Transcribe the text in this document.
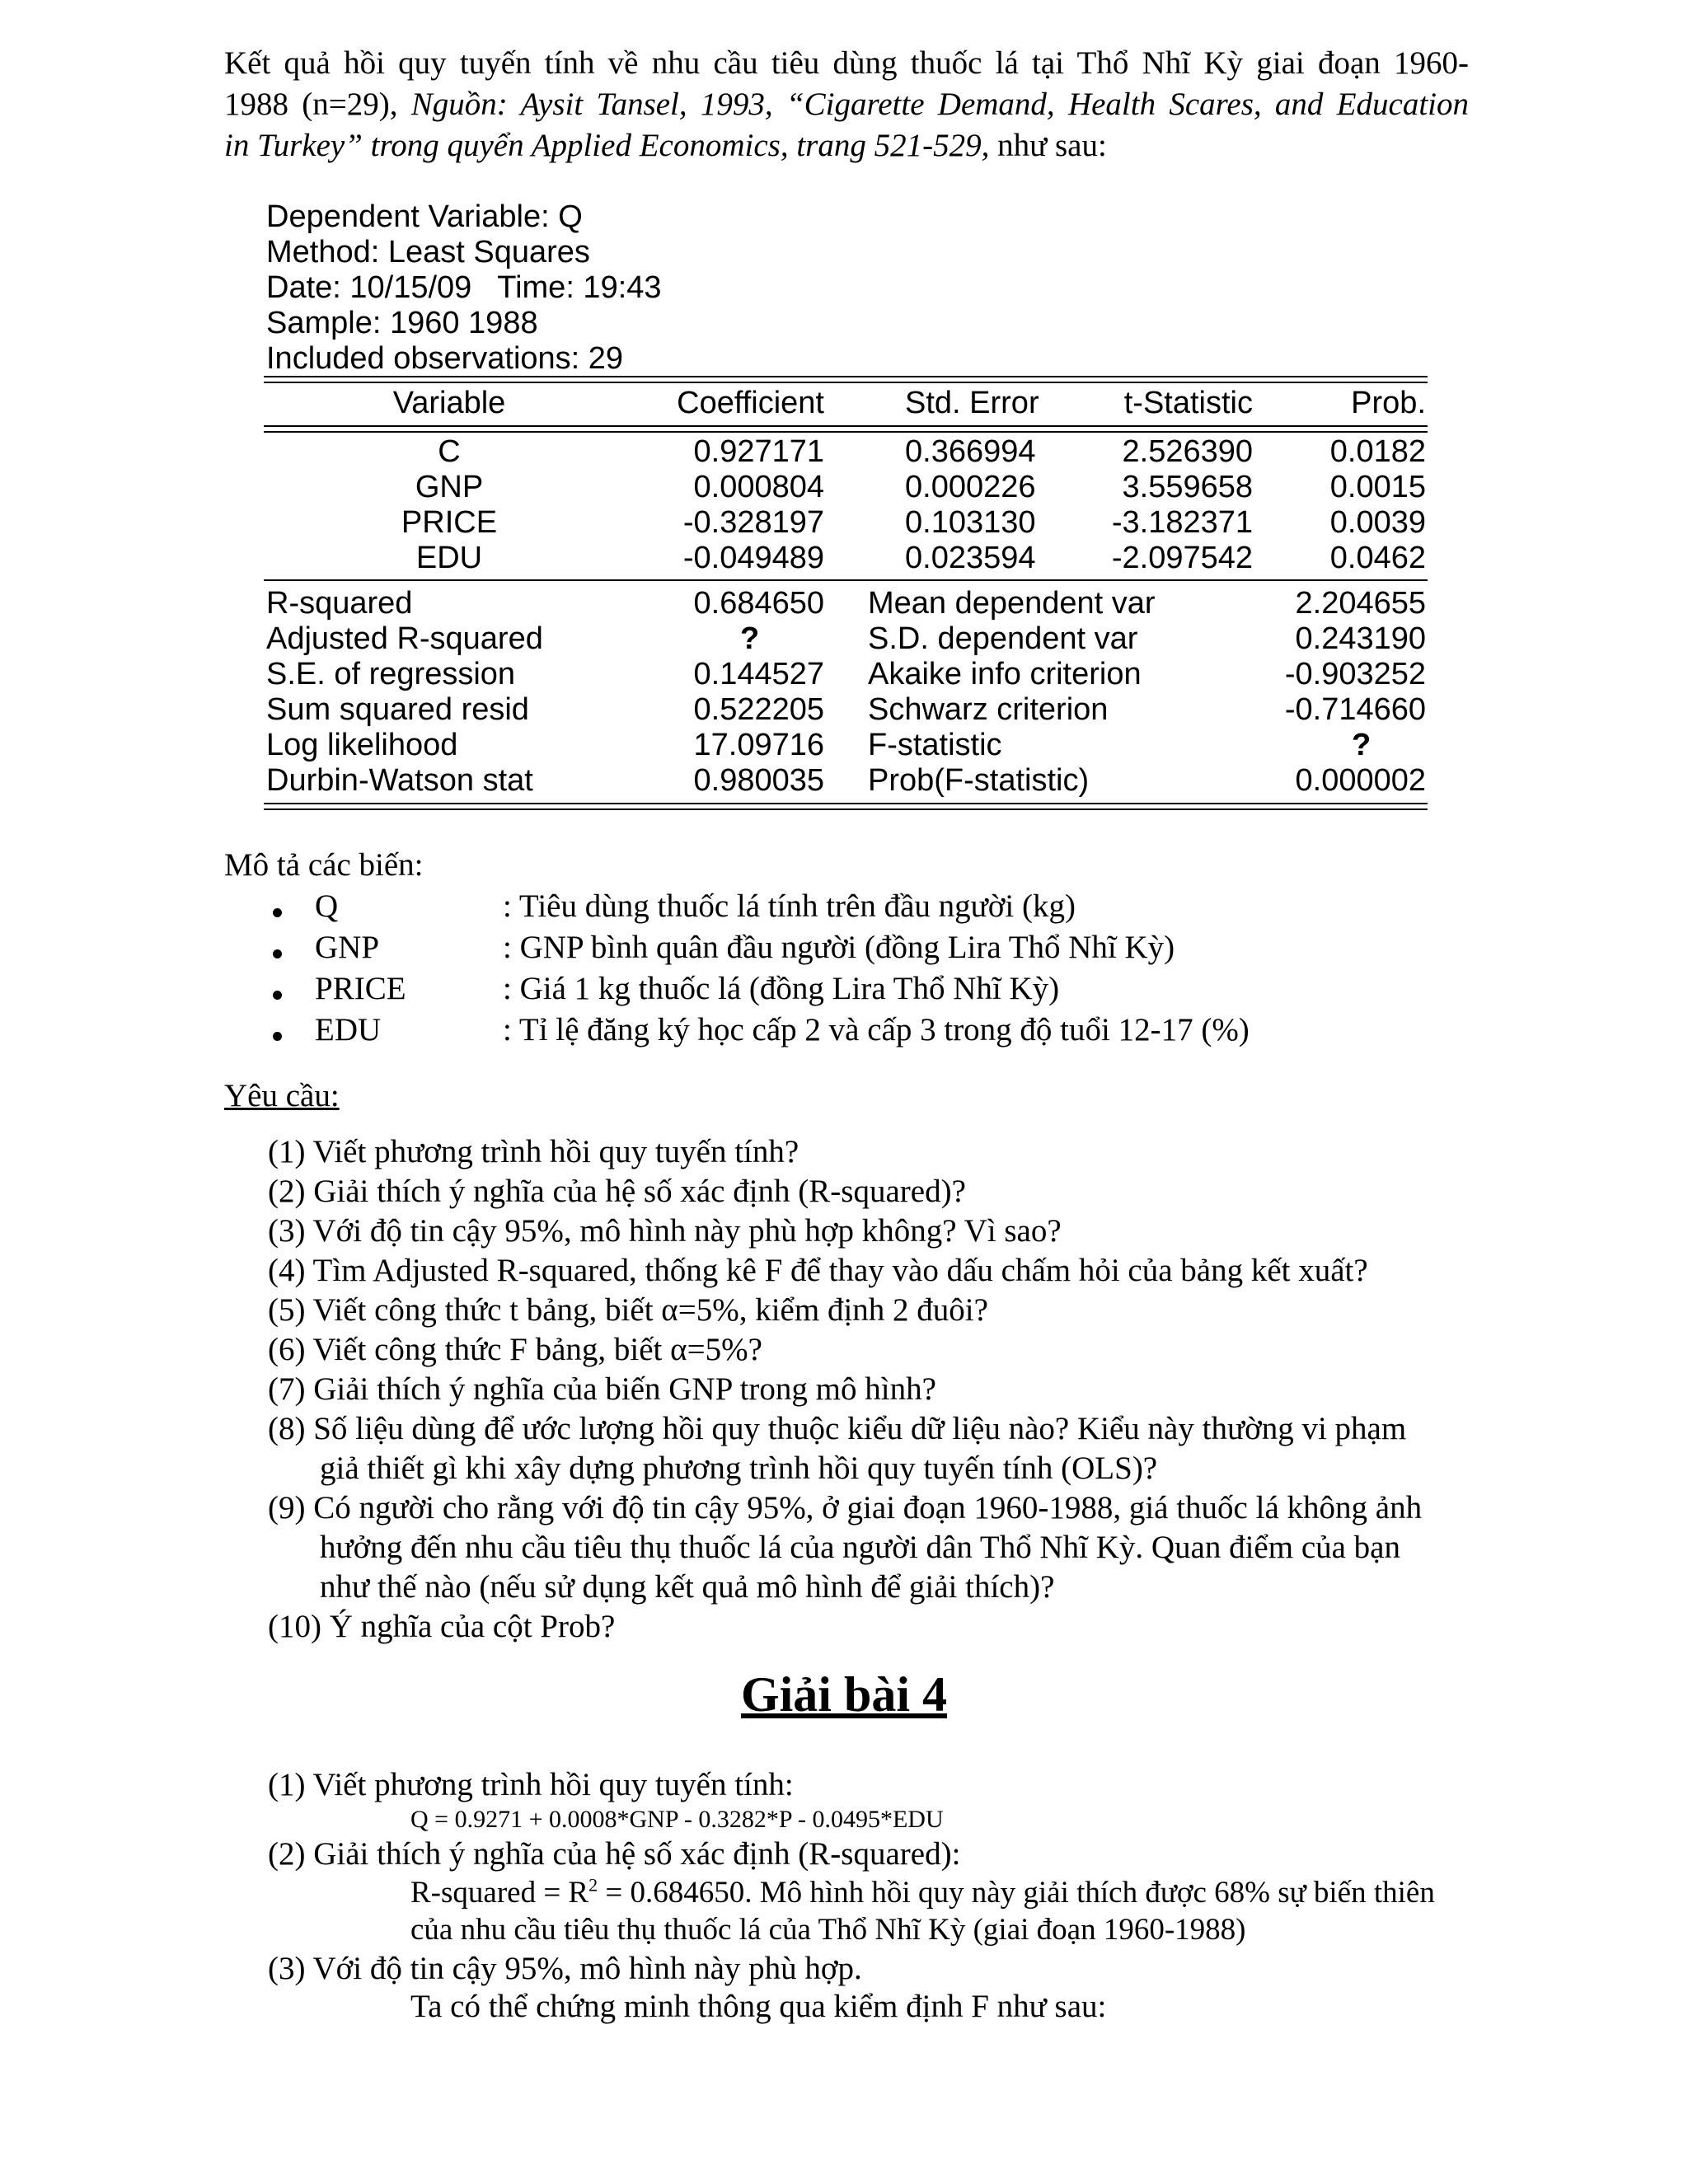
Kết quả hồi quy tuyến tính về nhu cầu tiêu dùng thuốc lá tại Thổ Nhĩ Kỳ giai đoạn 1960-

1988 (n=29), Nguồn: Aysit Tansel, 1993, “Cigarette Demand, Health Scares, and Education

in Turkey” trong quyển Applied Economics, trang 521-529, như sau:

Dependent Variable: Q
Method: Least Squares
Date: 10/15/09   Time: 19:43
Sample: 1960 1988
Included observations: 29
Variable	Coefficient	Std. Error	t-Statistic	Prob.
C	0.927171	0.366994	2.526390	0.0182
GNP	0.000804	0.000226	3.559658	0.0015
PRICE	-0.328197	0.103130	-3.182371	0.0039
EDU	-0.049489	0.023594	-2.097542	0.0462
R-squared	0.684650 Mean dependent var	2.204655
Adjusted R-squared	?	S.D. dependent var	0.243190
S.E. of regression	0.144527 Akaike info criterion	-0.903252
Sum squared resid	0.522205 Schwarz criterion	-0.714660
Log likelihood	17.09716 F-statistic	?
Durbin-Watson stat	0.980035 Prob(F-statistic)	0.000002
Mô tả các biến:
Q	: Tiêu dùng thuốc lá tính trên đầu người (kg)
GNP	: GNP bình quân đầu người (đồng Lira Thổ Nhĩ Kỳ)
PRICE	: Giá 1 kg thuốc lá (đồng Lira Thổ Nhĩ Kỳ)
EDU	: Tỉ lệ đăng ký học cấp 2 và cấp 3 trong độ tuổi 12-17 (%)
Yêu cầu:
(1) Viết phương trình hồi quy tuyến tính?
(2) Giải thích ý nghĩa của hệ số xác định (R-squared)?
(3) Với độ tin cậy 95%, mô hình này phù hợp không? Vì sao?
(4) Tìm Adjusted R-squared, thống kê F để thay vào dấu chấm hỏi của bảng kết xuất?
(5) Viết công thức t bảng, biết α=5%, kiểm định 2 đuôi?
(6) Viết công thức F bảng, biết α=5%?
(7) Giải thích ý nghĩa của biến GNP trong mô hình?
(8) Số liệu dùng để ước lượng hồi quy thuộc kiểu dữ liệu nào? Kiểu này thường vi phạm
giả thiết gì khi xây dựng phương trình hồi quy tuyến tính (OLS)?
(9) Có người cho rằng với độ tin cậy 95%, ở giai đoạn 1960-1988, giá thuốc lá không ảnh
hưởng đến nhu cầu tiêu thụ thuốc lá của người dân Thổ Nhĩ Kỳ. Quan điểm của bạn
như thế nào (nếu sử dụng kết quả mô hình để giải thích)?
(10) Ý nghĩa của cột Prob?
Giải bài 4
(1) Viết phương trình hồi quy tuyến tính:
Q = 0.9271 + 0.0008*GNP - 0.3282*P - 0.0495*EDU
(2) Giải thích ý nghĩa của hệ số xác định (R-squared):
R-squared = $R^2 = 0.684650$. Mô hình hồi quy này giải thích được 68% sự biến thiên
của nhu cầu tiêu thụ thuốc lá của Thổ Nhĩ Kỳ (giai đoạn 1960-1988)
(3) Với độ tin cậy 95%, mô hình này phù hợp.
Ta có thể chứng minh thông qua kiểm định F như sau:
